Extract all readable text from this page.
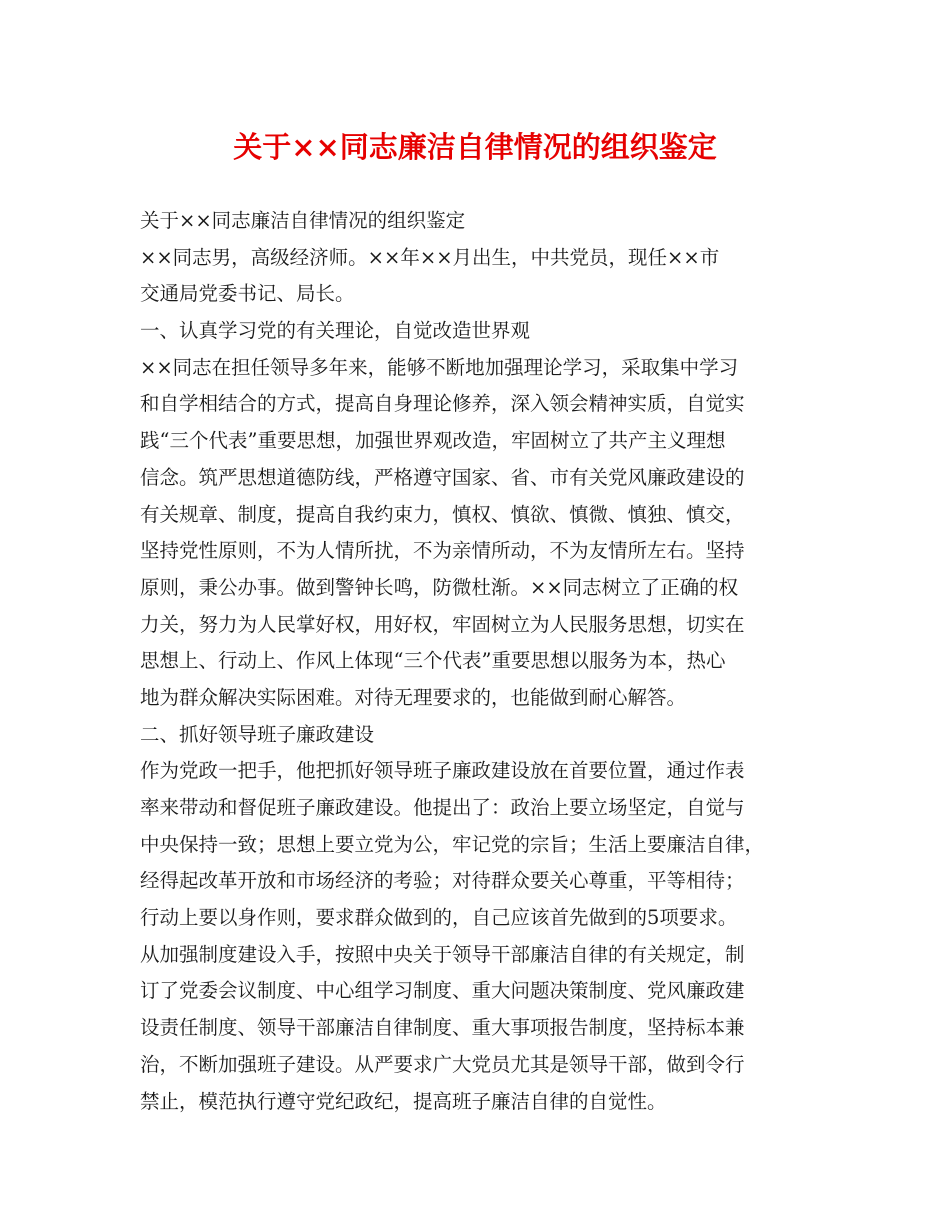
关于××同志廉洁自律情况的组织鉴定
关于××同志廉洁自律情况的组织鉴定
××同志男，高级经济师。××年××月出生，中共党员，现任××市
交通局党委书记、局长。
一、认真学习党的有关理论，自觉改造世界观
××同志在担任领导多年来，能够不断地加强理论学习，采取集中学习
和自学相结合的方式，提高自身理论修养，深入领会精神实质，自觉实
践“三个代表”重要思想，加强世界观改造，牢固树立了共产主义理想
信念。筑严思想道德防线，严格遵守国家、省、市有关党风廉政建设的
有关规章、制度，提高自我约束力，慎权、慎欲、慎微、慎独、慎交，
坚持党性原则，不为人情所扰，不为亲情所动，不为友情所左右。坚持
原则，秉公办事。做到警钟长鸣，防微杜渐。××同志树立了正确的权
力关，努力为人民掌好权，用好权，牢固树立为人民服务思想，切实在
思想上、行动上、作风上体现“三个代表”重要思想以服务为本，热心
地为群众解决实际困难。对待无理要求的，也能做到耐心解答。
二、抓好领导班子廉政建设
作为党政一把手，他把抓好领导班子廉政建设放在首要位置，通过作表
率来带动和督促班子廉政建设。他提出了：政治上要立场坚定，自觉与
中央保持一致；思想上要立党为公，牢记党的宗旨；生活上要廉洁自律，
经得起改革开放和市场经济的考验；对待群众要关心尊重，平等相待；
行动上要以身作则，要求群众做到的，自己应该首先做到的5项要求。
从加强制度建设入手，按照中央关于领导干部廉洁自律的有关规定，制
订了党委会议制度、中心组学习制度、重大问题决策制度、党风廉政建
设责任制度、领导干部廉洁自律制度、重大事项报告制度，坚持标本兼
治，不断加强班子建设。从严要求广大党员尤其是领导干部，做到令行
禁止，模范执行遵守党纪政纪，提高班子廉洁自律的自觉性。
